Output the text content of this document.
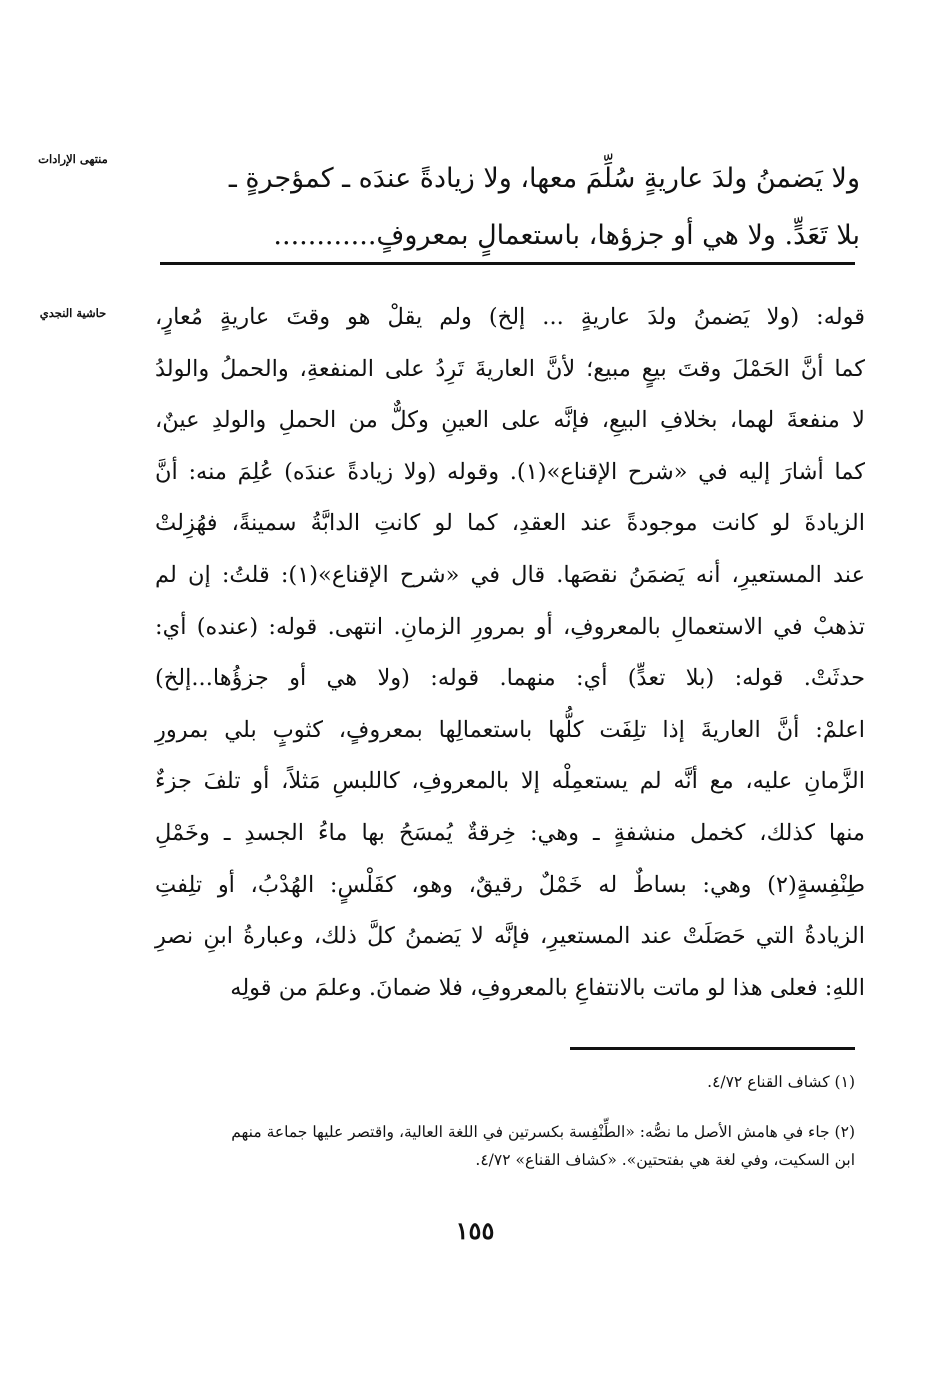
منتهى الإرادات
ولا يَضمنُ ولدَ عاريةٍ سُلِّمَ معها، ولا زيادةً عندَه ـ كمؤجرةٍ ـ
بلا تَعَدٍّ. ولا هي أو جزؤها، باستعمالٍ بمعروفٍ............
حاشية النجدي	قوله: (ولا يَضمنُ ولدَ عاريةٍ ... إلخ) ولم يقلْ هو وقتَ عاريةٍ مُعارٍ،
كما أنَّ الحَمْلَ وقتَ بيعٍ مبيع؛ لأنَّ العاريةَ تَرِدُ على المنفعةِ، والحملُ والولدُ
لا منفعةَ لهما، بخلافِ البيعِ، فإنَّه على العينِ وكلٌّ من الحملِ والولدِ عينٌ،
كما أشارَ إليه في «شرح الإقناع»(١). وقوله (ولا زيادةً عندَه) عُلِمَ منه: أنَّ
الزيادةَ لو كانت موجودةً عند العقدِ، كما لو كانتِ الدابَّةُ سمينةً، فهُزِلتْ
عند المستعيرِ، أنه يَضمَنُ نقصَها. قال في «شرح الإقناع»(١): قلتُ: إن لم
تذهبْ في الاستعمالِ بالمعروفِ، أو بمرورِ الزمانِ. انتهى. قوله: (عنده) أي:
حدثَتْ. قوله: (بلا تعدٍّ) أي: منهما. قوله: (ولا هي أو جزؤُها...إلخ)
اعلمْ: أنَّ العاريةَ إذا تلِفَت كلُّها باستعمالِها بمعروفٍ، كثوبٍ بلي بمرورِ
الزَّمانِ عليه، مع أنَّه لم يستعمِلْه إلا بالمعروفِ، كاللبسِ مَثلاً، أو تلفَ جزءٌ
منها كذلك، كخمل منشفةٍ ـ وهي: خِرقةٌ يُمسَحُ بها ماءُ الجسدِ ـ وخَمْلِ
طِنْفِسةٍ(٢) وهي: بساطٌ له خَمْلٌ رقيقٌ، وهو، كفَلْسٍ: الهُدْبُ، أو تلِفتِ
الزيادةُ التي حَصَلَتْ عند المستعيرِ، فإنَّه لا يَضمنُ كلَّ ذلك، وعبارةُ ابنِ نصرِ
اللهِ: فعلى هذا لو ماتت بالانتفاعِ بالمعروفِ، فلا ضمانَ. وعلمَ من قولِه
(١) كشاف القناع ٤/٧٢.
(٢) جاء في هامش الأصل ما نصُّه: «الطِّنْفِسة بكسرتين في اللغة العالية، واقتصر عليها جماعة منهم
ابن السكيت، وفي لغة هي بفتحتين». «كشاف القناع» ٤/٧٢.
١٥٥
